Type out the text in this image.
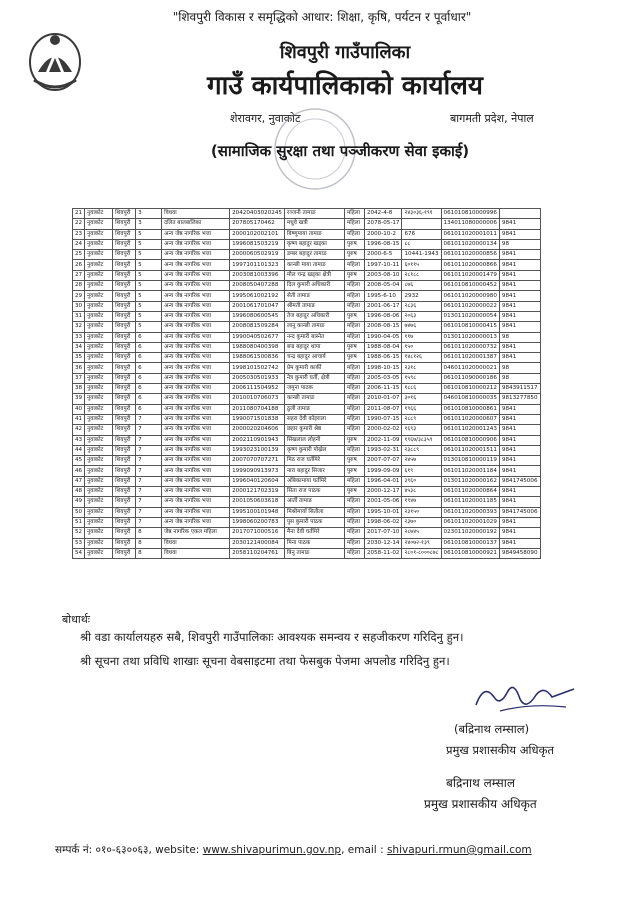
"शिवपुरी विकास र समृद्धिको आधार: शिक्षा, कृषि, पर्यटन र पूर्वाधार"
शिवपुरी गाउँपालिका
गाउँ कार्यपालिकाको कार्यालय
शेरावगर, नुवाकोट	बागमती प्रदेश, नेपाल
(सामाजिक सुरक्षा तथा पञ्जीकरण सेवा इकाई)
21	नुवाकोट	शिवपुरी	3	विधवा	20420403020245	रञ्जनी तामाङ	महिला	2042-4-8	२४३०३६-१९१	061010810000996	
22	नुवाकोट	शिवपुरी	3	दलित बालबालिका	207805170462	मधुवे खत्री	महिला	2078-05-17		134011080000006	9841
23	नुवाकोट	शिवपुरी	5	अन्य जेष्ठ नागरिक भत्ता	2000102002101	बिष्णुमाया तामाङ	महिला	2000-10-2	676	061011020001011	9841
24	नुवाकोट	शिवपुरी	5	अन्य जेष्ठ नागरिक भत्ता	1996081503219	कृष्ण बहादुर खड्का	पुरुष	1996-08-15	८८	061011020000134	98
25	नुवाकोट	शिवपुरी	5	अन्य जेष्ठ नागरिक भत्ता	2000060502919	डम्बर बहादुर तामाङ	पुरुष	2000-6-5	10441-1943	061011020000856	9841
26	नुवाकोट	शिवपुरी	5	अन्य जेष्ठ नागरिक भत्ता	1997101101323	कान्छी माया तामाङ	महिला	1997-10-11	६०११५	061011020000866	9841
27	नुवाकोट	शिवपुरी	5	अन्य जेष्ठ नागरिक भत्ता	2003081003396	मौल चन्द्र खड्का क्षेत्री	पुरुष	2003-08-10	२८१८८	061011020001479	9841
28	नुवाकोट	शिवपुरी	5	अन्य जेष्ठ नागरिक भत्ता	2008050407288	दिल कुमारी अधिकारी	महिला	2008-05-04	८७६	061010810000452	9841
29	नुवाकोट	शिवपुरी	5	अन्य जेष्ठ नागरिक भत्ता	1995061002192	सेती तामाङ	महिला	1995-6-10	2932	061011020000980	9841
30	नुवाकोट	शिवपुरी	5	अन्य जेष्ठ नागरिक भत्ता	2001061701047	श्रीमती तामाङ	महिला	2001-06-17	२८३६	061011020000022	9841
31	नुवाकोट	शिवपुरी	5	अन्य जेष्ठ नागरिक भत्ता	1996080600545	तेज बहादुर अधिकारी	पुरुष	1996-08-06	२०६३	013011020000054	9841
32	नुवाकोट	शिवपुरी	5	अन्य जेष्ठ नागरिक भत्ता	2008081509284	लानु कान्छी तामाङ	महिला	2008-08-15	७४७६	061010810000415	9841
33	नुवाकोट	शिवपुरी	6	अन्य जेष्ठ नागरिक भत्ता	1990040502677	नन्द कुमारी बास्नेत	महिला	1990-04-05	११७	013011020000013	98
34	नुवाकोट	शिवपुरी	6	अन्य जेष्ठ नागरिक भत्ता	1988080400398	बज्र बहादुर थापा	पुरुष	1988-08-04	१५०	061011020000732	9841
35	नुवाकोट	शिवपुरी	6	अन्य जेष्ठ नागरिक भत्ता	1988061500836	चन्द्र बहादुर आचार्य	पुरुष	1988-06-15	१४८१२६	061011020001387	9841
36	नुवाकोट	शिवपुरी	6	अन्य जेष्ठ नागरिक भत्ता	1998101502742	प्रेम कुमारी कार्की	महिला	1998-10-15	२३१८	046011020000021	98
37	नुवाकोट	शिवपुरी	6	अन्य जेष्ठ नागरिक भत्ता	2005030501933	नेत्र कुमारी घर्ती, क्षेत्री	महिला	2005-03-05	१५९८	061011090000186	98
38	नुवाकोट	शिवपुरी	6	अन्य जेष्ठ नागरिक भत्ता	2006111504952	जमुना पाठक	महिला	2006-11-15	१८८६	061010810000212	9843911517
39	नुवाकोट	शिवपुरी	6	अन्य जेष्ठ नागरिक भत्ता	2010010706073	कान्छी तामाङ	महिला	2010-01-07	३०१६	046010810000035	9813277850
40	नुवाकोट	शिवपुरी	6	अन्य जेष्ठ नागरिक भत्ता	2011080704188	ठुली तामाङ	महिला	2011-08-07	१९६६	061010810000861	9841
41	नुवाकोट	शिवपुरी	7	अन्य जेष्ठ नागरिक भत्ता	1990071501838	सहरा देवी कोइराला	महिला	1990-07-15	२८८९	061011020000607	9841
42	नुवाकोट	शिवपुरी	7	अन्य जेष्ठ नागरिक भत्ता	2000020204606	छहार कुमारी श्रेष्ठ	महिला	2000-02-02	१६९३	061011020001243	9841
43	नुवाकोट	शिवपुरी	7	अन्य जेष्ठ नागरिक भत्ता	2002110901943	सिंखलाल लोहनी	पुरुष	2002-11-09	१९६७/३८३५९	061010810000906	9841
44	नुवाकोट	शिवपुरी	7	अन्य जेष्ठ नागरिक भत्ता	1993023100139	कृष्ण कुमारी पोख्रेल	महिला	1993-02-31	२३८८९	061011020001511	9841
45	नुवाकोट	शिवपुरी	7	अन्य जेष्ठ नागरिक भत्ता	2007070707271	मिठ राज घर्तमिरे	पुरुष	2007-07-07	२४५७	013010810000119	9841
46	नुवाकोट	शिवपुरी	7	अन्य जेष्ठ नागरिक भत्ता	1999090913973	नारा बहादुर सिजार	पुरुष	1999-09-09	६१९	061011020001184	9841
47	नुवाकोट	शिवपुरी	7	अन्य जेष्ठ नागरिक भत्ता	1996040120604	अंबिकामाया घर्तमिरे	महिला	1996-04-01	३९६०	013011020000162	9841745006
48	नुवाकोट	शिवपुरी	7	अन्य जेष्ठ नागरिक भत्ता	2000121702319	सिता राज पाठक	पुरुष	2000-12-17	४५३८	061011020000864	9841
49	नुवाकोट	शिवपुरी	7	अन्य जेष्ठ नागरिक भत्ता	2001050603618	आर्ती तामाङ	महिला	2001-05-06	१९४७	061011020001185	9841
50	नुवाकोट	शिवपुरी	7	अन्य जेष्ठ नागरिक भत्ता	1995100101948	मिश्रीमायाँ सितौला	महिला	1995-10-01	२३१५०	061011020000393	9841745006
51	नुवाकोट	शिवपुरी	7	अन्य जेष्ठ नागरिक भत्ता	1998060200783	पुस कुमारी पाठक	महिला	1998-06-02	२३७०	061011020001029	9841
52	नुवाकोट	शिवपुरी	8	जेष्ठ नागरिक एकल महिला	2017071000516	मैना देवी घर्तमिरे	महिला	2017-07-10	२८७४५	023011020000192	9841
53	नुवाकोट	शिवपुरी	8	विधवा	2030121400084	मिना पाठक	महिला	2030-12-14	२४०७२-१३९	061010810000137	9841
54	नुवाकोट	शिवपुरी	8	विधवा	2058110204761	बिनु तामाङ	महिला	2058-11-02	२८०१-८०००८७८	061010810000921	9849458090
बोधार्थः
श्री वडा कार्यालयहरु सबै, शिवपुरी गाउँपालिकाः आवश्यक समन्वय र सहजीकरण गरिदिनु हुन।
श्री सूचना तथा प्रविधि शाखाः सूचना वेबसाइटमा तथा फेसबुक पेजमा अपलोड गरिदिनु हुन।
(बद्रिनाथ लम्साल)
प्रमुख प्रशासकीय अधिकृत
बद्रिनाथ लम्साल
प्रमुख प्रशासकीय अधिकृत
सम्पर्क नं: ०१०-६३००६३, website: www.shivapurimun.gov.np, email : shivapuri.rmun@gmail.com
